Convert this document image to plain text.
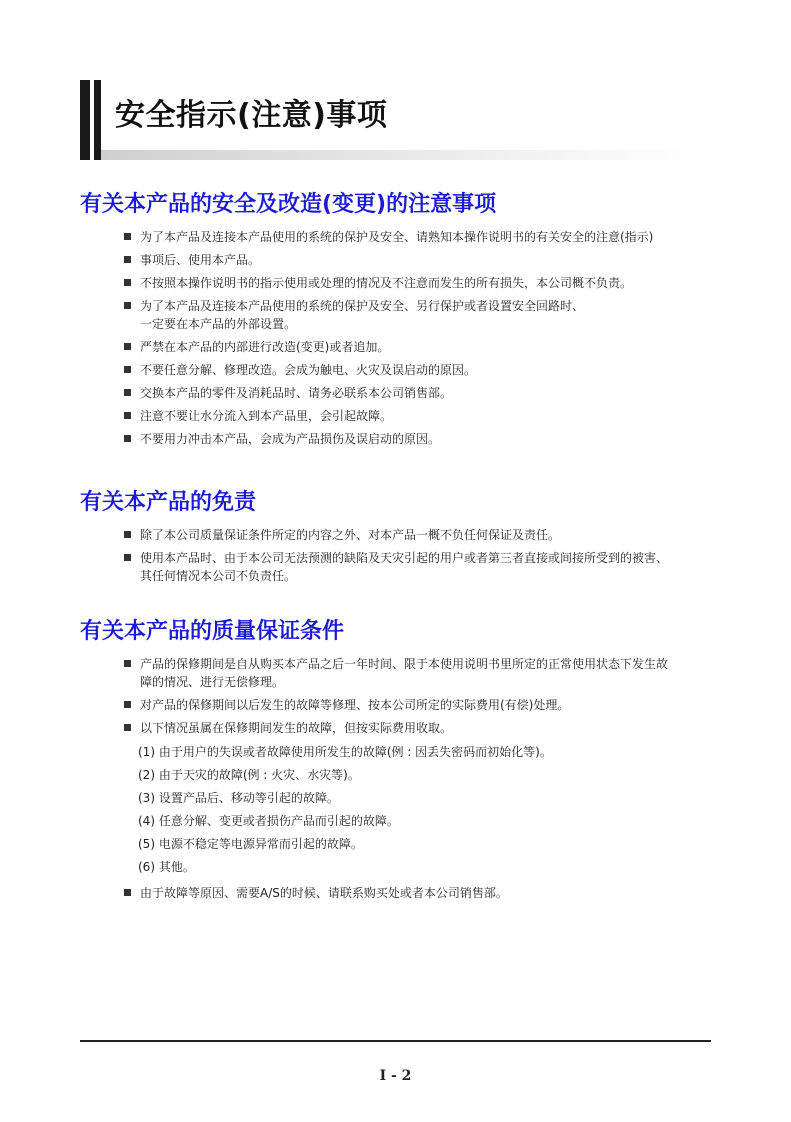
安全指示(注意)事项
有关本产品的安全及改造(变更)的注意事项
为了本产品及连接本产品使用的系统的保护及安全、请熟知本操作说明书的有关安全的注意(指示)
事项后、使用本产品。
不按照本操作说明书的指示使用或处理的情况及不注意而发生的所有损失，本公司概不负责。
为了本产品及连接本产品使用的系统的保护及安全、另行保护或者设置安全回路时、
一定要在本产品的外部设置。
严禁在本产品的内部进行改造(变更)或者追加。
不要任意分解、修理改造。会成为触电、火灾及误启动的原因。
交换本产品的零件及消耗品时、请务必联系本公司销售部。
注意不要让水分流入到本产品里，会引起故障。
不要用力冲击本产品，会成为产品损伤及误启动的原因。
有关本产品的免责
除了本公司质量保证条件所定的内容之外、对本产品一概不负任何保证及责任。
使用本产品时、由于本公司无法预测的缺陷及天灾引起的用户或者第三者直接或间接所受到的被害、
其任何情况本公司不负责任。
有关本产品的质量保证条件
产品的保修期间是自从购买本产品之后一年时间、限于本使用说明书里所定的正常使用状态下发生故
障的情况、进行无偿修理。
对产品的保修期间以后发生的故障等修理、按本公司所定的实际费用(有偿)处理。
以下情况虽属在保修期间发生的故障，但按实际费用收取。
(1) 由于用户的失误或者故障使用所发生的故障(例 : 因丢失密码而初始化等)。
(2) 由于天灾的故障(例 : 火灾、水灾等)。
(3) 设置产品后、移动等引起的故障。
(4) 任意分解、变更或者损伤产品而引起的故障。
(5) 电源不稳定等电源异常而引起的故障。
(6) 其他。
由于故障等原因、需要A/S的时候、请联系购买处或者本公司销售部。
I - 2
